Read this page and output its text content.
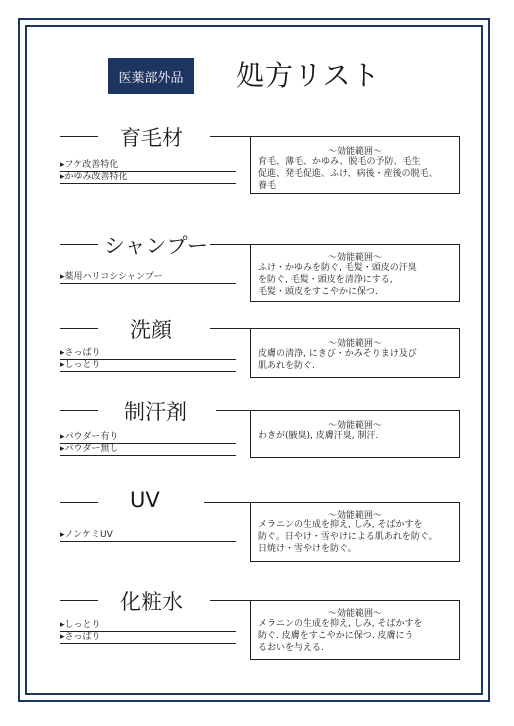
医薬部外品	処方リスト
育毛材
～効能範囲～
育毛、薄毛、かゆみ、脱毛の予防、毛生
促進、発毛促進、ふけ、病後・産後の脱毛、
養毛
▸フケ改善特化
▸かゆみ改善特化
シャンプー	～効能範囲～
ふけ・かゆみを防ぐ, 毛髪・頭皮の汗臭
を防ぐ, 毛髪・頭皮を清浄にする,
毛髪・頭皮をすこやかに保つ.
▸薬用ハリコシシャンプー
洗顔
～効能範囲～
皮膚の清浄, にきび・かみそりまけ及び
肌あれを防ぐ.
▸さっぱり
▸しっとり
制汗剤
～効能範囲～
わきが(腋臭), 皮膚汗臭, 制汗.
▸パウダー有り
▸パウダー無し
UV
～効能範囲～
メラニンの生成を抑え, しみ, そばかすを
防ぐ。日やけ・雪やけによる肌あれを防ぐ。
日焼け・雪やけを防ぐ。
▸ノンケミUV
化粧水	～効能範囲～
メラニンの生成を抑え, しみ, そばかすを
防ぐ. 皮膚をすこやかに保つ. 皮膚にう
るおいを与える.
▸しっとり
▸さっぱり
